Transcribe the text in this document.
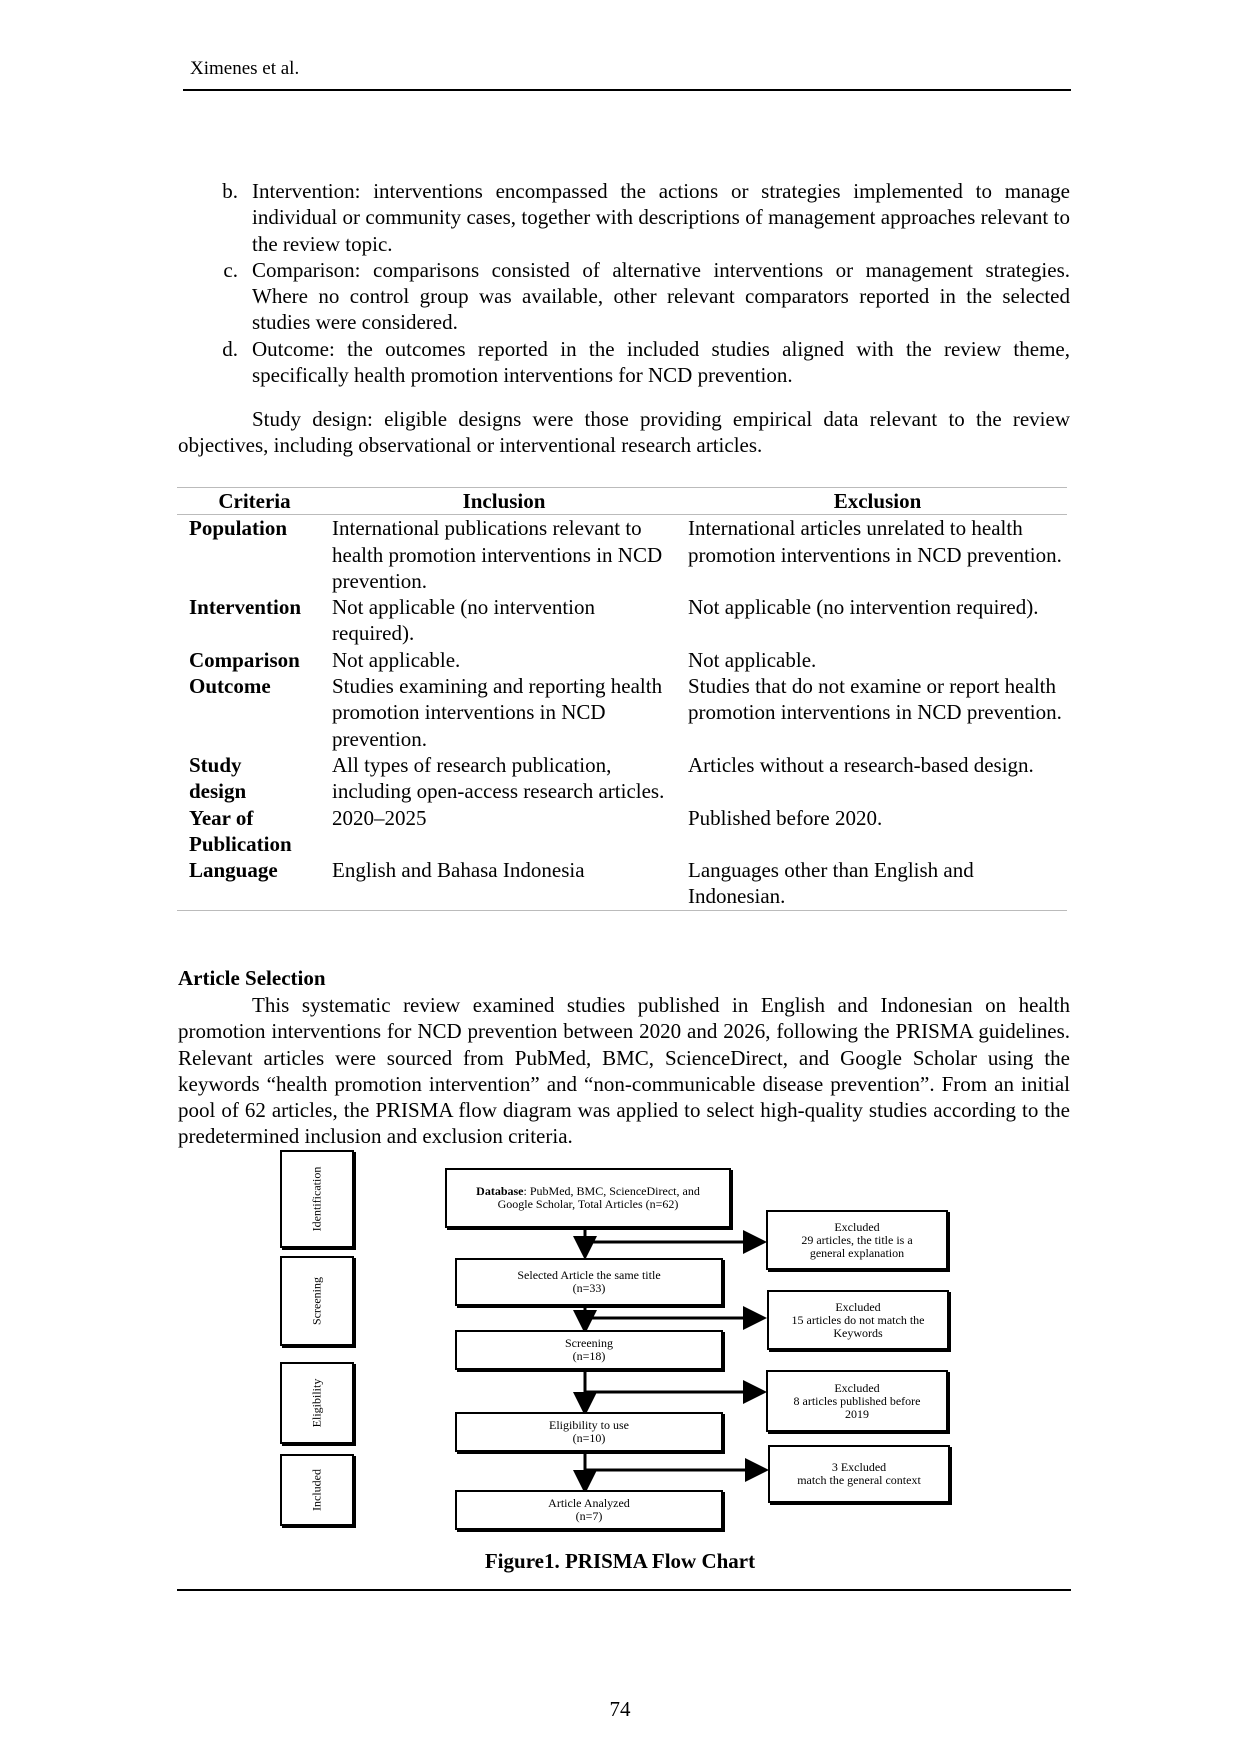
Ximenes et al.
b. Intervention: interventions encompassed the actions or strategies implemented to manage individual or community cases, together with descriptions of management approaches relevant to the review topic.
c. Comparison: comparisons consisted of alternative interventions or management strategies. Where no control group was available, other relevant comparators reported in the selected studies were considered.
d. Outcome: the outcomes reported in the included studies aligned with the review theme, specifically health promotion interventions for NCD prevention.

Study design: eligible designs were those providing empirical data relevant to the review objectives, including observational or interventional research articles.

Criteria	Inclusion	Exclusion
Population	International publications relevant to health promotion interventions in NCD prevention.	International articles unrelated to health promotion interventions in NCD prevention.
Intervention	Not applicable (no intervention required).	Not applicable (no intervention required).
Comparison	Not applicable.	Not applicable.
Outcome	Studies examining and reporting health promotion interventions in NCD prevention.	Studies that do not examine or report health promotion interventions in NCD prevention.
Study design	All types of research publication, including open-access research articles.	Articles without a research-based design.
Year of Publication	2020–2025	Published before 2020.
Language	English and Bahasa Indonesia	Languages other than English and Indonesian.
Article Selection

This systematic review examined studies published in English and Indonesian on health promotion interventions for NCD prevention between 2020 and 2026, following the PRISMA guidelines. Relevant articles were sourced from PubMed, BMC, ScienceDirect, and Google Scholar using the keywords “health promotion intervention” and “non-communicable disease prevention”. From an initial pool of 62 articles, the PRISMA flow diagram was applied to select high-quality studies according to the predetermined inclusion and exclusion criteria.

Identification
Screening
Eligibility
Included
Database: PubMed, BMC, ScienceDirect, and
Google Scholar, Total Articles (n=62)
Selected Article the same title
(n=33)
Screening
(n=18)
Eligibility to use
(n=10)
Article Analyzed
(n=7)
Excluded
29 articles, the title is a
general explanation
Excluded
15 articles do not match the
Keywords
Excluded
8 articles published before
2019
3 Excluded
match the general context
Figure1. PRISMA Flow Chart
74
